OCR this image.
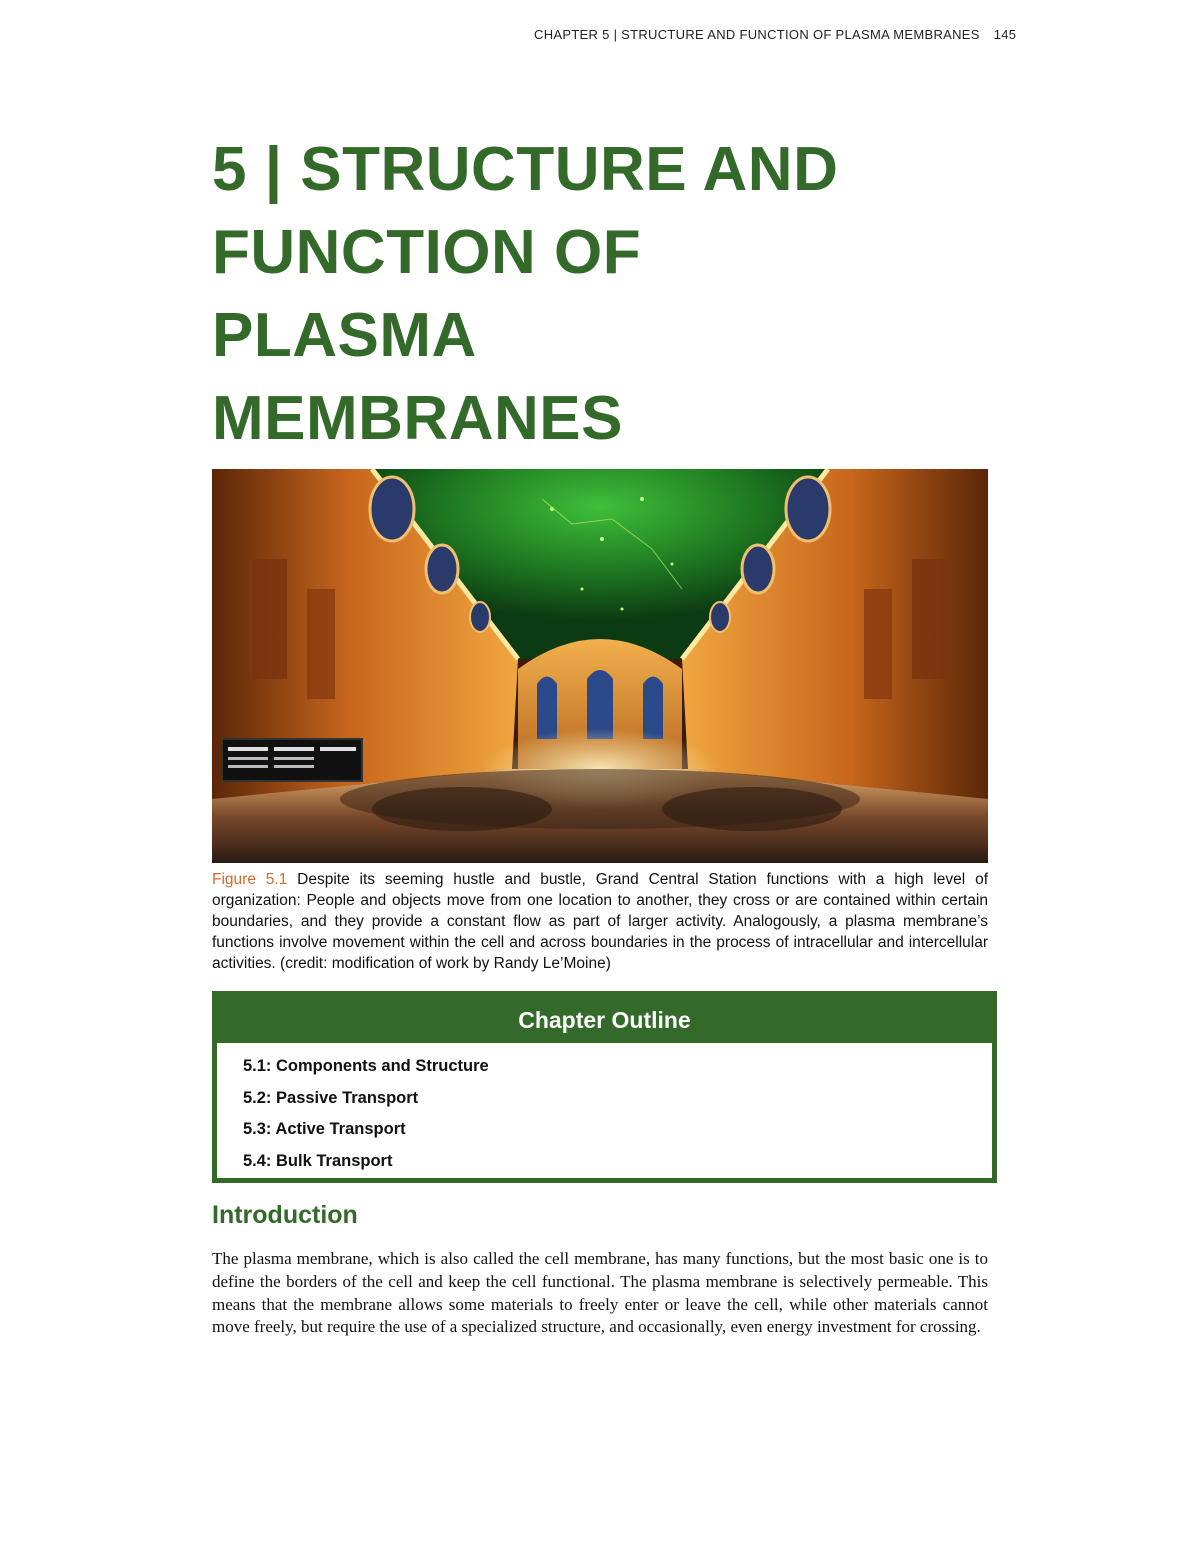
CHAPTER 5 | STRUCTURE AND FUNCTION OF PLASMA MEMBRANES 145
5 | STRUCTURE AND
FUNCTION OF
PLASMA
MEMBRANES
Figure 5.1 Despite its seeming hustle and bustle, Grand Central Station functions with a high level of organization: People and objects move from one location to another, they cross or are contained within certain boundaries, and they provide a constant flow as part of larger activity. Analogously, a plasma membrane’s functions involve movement within the cell and across boundaries in the process of intracellular and intercellular activities. (credit: modification of work by Randy Le’Moine)
Chapter Outline
5.1: Components and Structure
5.2: Passive Transport
5.3: Active Transport
5.4: Bulk Transport
Introduction

The plasma membrane, which is also called the cell membrane, has many functions, but the most basic one is to define the borders of the cell and keep the cell functional. The plasma membrane is selectively permeable. This means that the membrane allows some materials to freely enter or leave the cell, while other materials cannot move freely, but require the use of a specialized structure, and occasionally, even energy investment for crossing.
